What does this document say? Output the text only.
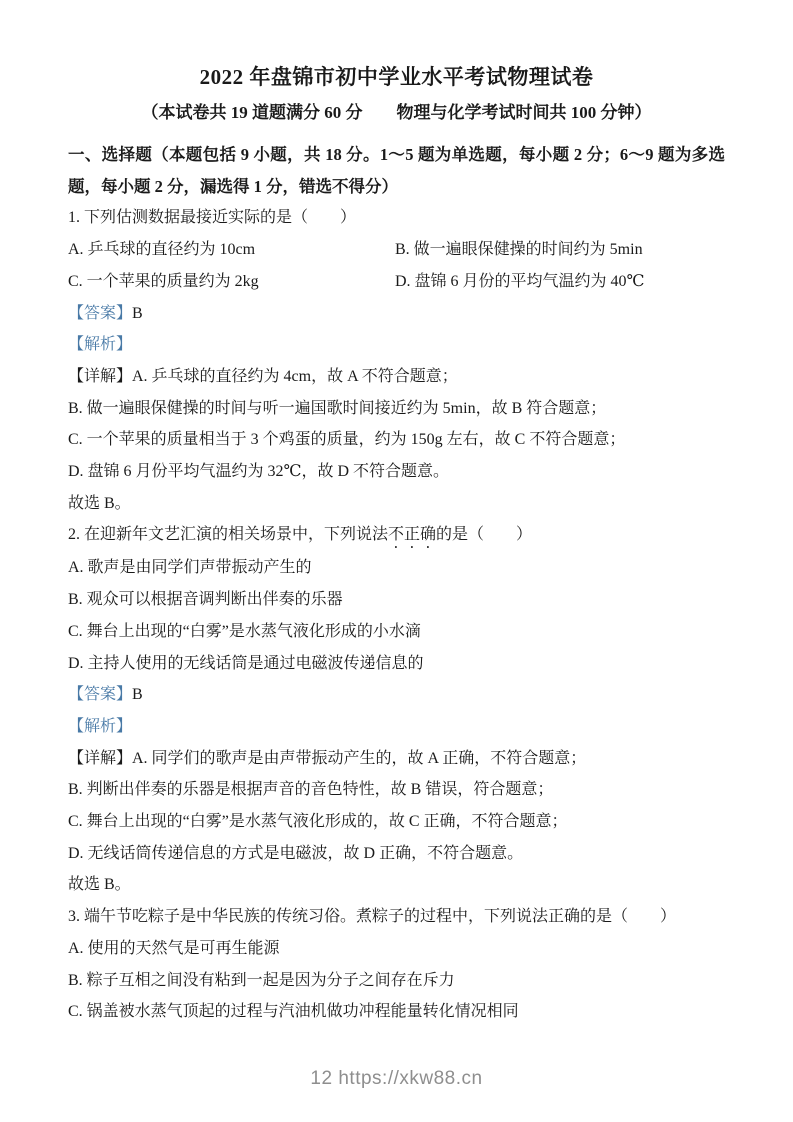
2022 年盘锦市初中学业水平考试物理试卷

（本试卷共 19 道题满分 60 分　　物理与化学考试时间共 100 分钟）

一、选择题（本题包括 9 小题，共 18 分。1～5 题为单选题，每小题 2 分；6～9 题为多选题，每小题 2 分，漏选得 1 分，错选不得分）

1. 下列估测数据最接近实际的是（　　）

A. 乒乓球的直径约为 10cm	B. 做一遍眼保健操的时间约为 5min

C. 一个苹果的质量约为 2kg	D. 盘锦 6 月份的平均气温约为 40℃

【答案】B

【解析】

【详解】A. 乒乓球的直径约为 4cm，故 A 不符合题意；

B. 做一遍眼保健操的时间与听一遍国歌时间接近约为 5min，故 B 符合题意；

C. 一个苹果的质量相当于 3 个鸡蛋的质量，约为 150g 左右，故 C 不符合题意；

D. 盘锦 6 月份平均气温约为 32℃，故 D 不符合题意。

故选 B。

2. 在迎新年文艺汇演的相关场景中，下列说法不正确的是（　　）

A. 歌声是由同学们声带振动产生的

B. 观众可以根据音调判断出伴奏的乐器

C. 舞台上出现的“白雾”是水蒸气液化形成的小水滴

D. 主持人使用的无线话筒是通过电磁波传递信息的

【答案】B

【解析】

【详解】A. 同学们的歌声是由声带振动产生的，故 A 正确，不符合题意；

B. 判断出伴奏的乐器是根据声音的音色特性，故 B 错误，符合题意；

C. 舞台上出现的“白雾”是水蒸气液化形成的，故 C 正确，不符合题意；

D. 无线话筒传递信息的方式是电磁波，故 D 正确，不符合题意。

故选 B。

3. 端午节吃粽子是中华民族的传统习俗。煮粽子的过程中，下列说法正确的是（　　）

A. 使用的天然气是可再生能源

B. 粽子互相之间没有粘到一起是因为分子之间存在斥力

C. 锅盖被水蒸气顶起的过程与汽油机做功冲程能量转化情况相同

12 https://xkw88.cn
